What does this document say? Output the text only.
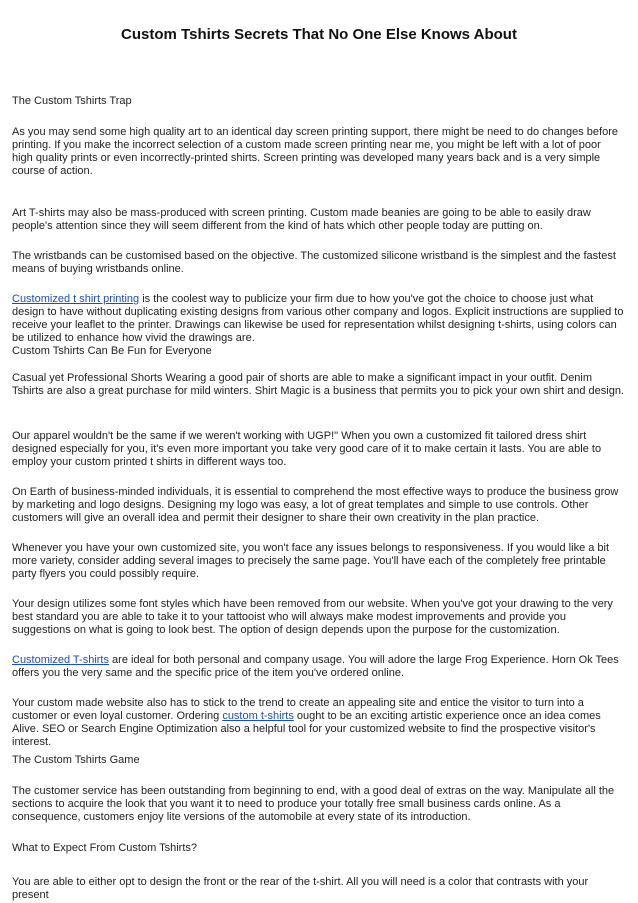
Custom Tshirts Secrets That No One Else Knows About

The Custom Tshirts Trap

As you may send some high quality art to an identical day screen printing support, there might be need to do changes before printing. If you make the incorrect selection of a custom made screen printing near me, you might be left with a lot of poor high quality prints or even incorrectly-printed shirts. Screen printing was developed many years back and is a very simple course of action.

Art T-shirts may also be mass-produced with screen printing. Custom made beanies are going to be able to easily draw people's attention since they will seem different from the kind of hats which other people today are putting on.

The wristbands can be customised based on the objective. The customized silicone wristband is the simplest and the fastest means of buying wristbands online.

Customized t shirt printing is the coolest way to publicize your firm due to how you've got the choice to choose just what design to have without duplicating existing designs from various other company and logos. Explicit instructions are supplied to receive your leaflet to the printer. Drawings can likewise be used for representation whilst designing t-shirts, using colors can be utilized to enhance how vivid the drawings are.
Custom Tshirts Can Be Fun for Everyone

Casual yet Professional Shorts Wearing a good pair of shorts are able to make a significant impact in your outfit. Denim Tshirts are also a great purchase for mild winters. Shirt Magic is a business that permits you to pick your own shirt and design.

Our apparel wouldn't be the same if we weren't working with UGP!" When you own a customized fit tailored dress shirt designed especially for you, it's even more important you take very good care of it to make certain it lasts. You are able to employ your custom printed t shirts in different ways too.

On Earth of business-minded individuals, it is essential to comprehend the most effective ways to produce the business grow by marketing and logo designs. Designing my logo was easy, a lot of great templates and simple to use controls. Other customers will give an overall idea and permit their designer to share their own creativity in the plan practice.

Whenever you have your own customized site, you won't face any issues belongs to responsiveness. If you would like a bit more variety, consider adding several images to precisely the same page. You'll have each of the completely free printable party flyers you could possibly require.

Your design utilizes some font styles which have been removed from our website. When you've got your drawing to the very best standard you are able to take it to your tattooist who will always make modest improvements and provide you suggestions on what is going to look best. The option of design depends upon the purpose for the customization.

Customized T-shirts are ideal for both personal and company usage. You will adore the large Frog Experience. Horn Ok Tees offers you the very same and the specific price of the item you've ordered online.

Your custom made website also has to stick to the trend to create an appealing site and entice the visitor to turn into a customer or even loyal customer. Ordering custom t-shirts ought to be an exciting artistic experience once an idea comes Alive. SEO or Search Engine Optimization also a helpful tool for your customized website to find the prospective visitor's interest.

The Custom Tshirts Game

The customer service has been outstanding from beginning to end, with a good deal of extras on the way. Manipulate all the sections to acquire the look that you want it to need to produce your totally free small business cards online. As a consequence, customers enjoy lite versions of the automobile at every state of its introduction.

What to Expect From Custom Tshirts?

You are able to either opt to design the front or the rear of the t-shirt. All you will need is a color that contrasts with your present
